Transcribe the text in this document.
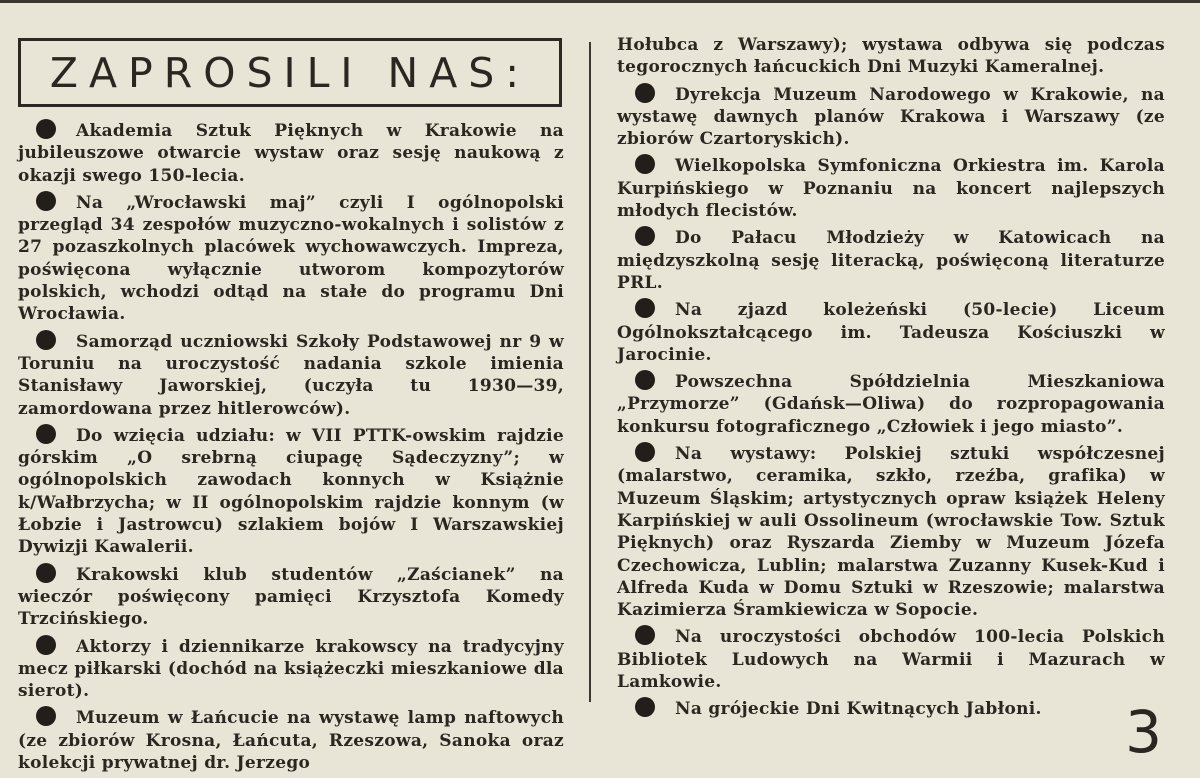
ZAPROSILI NAS:

Akademia Sztuk Pięknych w Krakowie na jubileuszowe otwarcie wystaw oraz sesję naukową z okazji swego 150-lecia.

Na „Wrocławski maj” czyli I ogólnopolski przegląd 34 zespołów muzyczno-wokalnych i solistów z 27 pozaszkolnych placówek wychowawczych. Impreza, poświęcona wyłącznie utworom kompozytorów polskich, wchodzi odtąd na stałe do programu Dni Wrocławia.

Samorząd uczniowski Szkoły Podstawowej nr 9 w Toruniu na uroczystość nadania szkole imienia Stanisławy Jaworskiej, (uczyła tu 1930—39, zamordowana przez hitlerowców).

Do wzięcia udziału: w VII PTTK-owskim rajdzie górskim „O srebrną ciupagę Sądeczyzny”; w ogólnopolskich zawodach konnych w Książnie k/Wałbrzycha; w II ogólnopolskim rajdzie konnym (w Łobzie i Jastrowcu) szlakiem bojów I Warszawskiej Dywizji Kawalerii.

Krakowski klub studentów „Zaścianek” na wieczór poświęcony pamięci Krzysztofa Komedy Trzcińskiego.

Aktorzy i dziennikarze krakowscy na tradycyjny mecz piłkarski (dochód na książeczki mieszkaniowe dla sierot).

Muzeum w Łańcucie na wystawę lamp naftowych (ze zbiorów Krosna, Łańcuta, Rzeszowa, Sanoka oraz kolekcji prywatnej dr. Jerzego

Hołubca z Warszawy); wystawa odbywa się podczas tegorocznych łańcuckich Dni Muzyki Kameralnej.

Dyrekcja Muzeum Narodowego w Krakowie, na wystawę dawnych planów Krakowa i Warszawy (ze zbiorów Czartoryskich).

Wielkopolska Symfoniczna Orkiestra im. Karola Kurpińskiego w Poznaniu na koncert najlepszych młodych flecistów.

Do Pałacu Młodzieży w Katowicach na międzyszkolną sesję literacką, poświęconą literaturze PRL.

Na zjazd koleżeński (50-lecie) Liceum Ogólnokształcącego im. Tadeusza Kościuszki w Jarocinie.

Powszechna Spółdzielnia Mieszkaniowa „Przymorze” (Gdańsk—Oliwa) do rozpropagowania konkursu fotograficznego „Człowiek i jego miasto”.

Na wystawy: Polskiej sztuki współczesnej (malarstwo, ceramika, szkło, rzeźba, grafika) w Muzeum Śląskim; artystycznych opraw książek Heleny Karpińskiej w auli Ossolineum (wrocławskie Tow. Sztuk Pięknych) oraz Ryszarda Ziemby w Muzeum Józefa Czechowicza, Lublin; malarstwa Zuzanny Kusek-Kud i Alfreda Kuda w Domu Sztuki w Rzeszowie; malarstwa Kazimierza Śramkiewicza w Sopocie.

Na uroczystości obchodów 100-lecia Polskich Bibliotek Ludowych na Warmii i Mazurach w Lamkowie.

Na grójeckie Dni Kwitnących Jabłoni.	3
